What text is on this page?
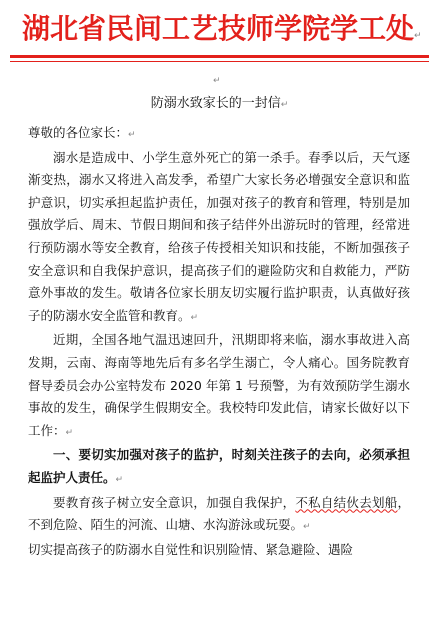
湖北省民间工艺技师学院学工处↵
↵
防溺水致家长的一封信↵

尊敬的各位家长：↵

溺水是造成中、小学生意外死亡的第一杀手。春季以后，天气逐渐变热，溺水又将进入高发季，希望广大家长务必增强安全意识和监护意识，切实承担起监护责任，加强对孩子的教育和管理，特别是加强放学后、周末、节假日期间和孩子结伴外出游玩时的管理，经常进行预防溺水等安全教育，给孩子传授相关知识和技能，不断加强孩子安全意识和自我保护意识，提高孩子们的避险防灾和自救能力，严防意外事故的发生。敬请各位家长朋友切实履行监护职责，认真做好孩子的防溺水安全监管和教育。↵

近期，全国各地气温迅速回升，汛期即将来临，溺水事故进入高发期，云南、海南等地先后有多名学生溺亡，令人痛心。国务院教育督导委员会办公室特发布 2020 年第 1 号预警，为有效预防学生溺水事故的发生，确保学生假期安全。我校特印发此信，请家长做好以下工作：↵

一、要切实加强对孩子的监护，时刻关注孩子的去向，必须承担起监护人责任。↵

要教育孩子树立安全意识，加强自我保护，不私自结伙去划船，不到危险、陌生的河流、山塘、水沟游泳或玩耍。↵

切实提高孩子的防溺水自觉性和识别险情、紧急避险、遇险
